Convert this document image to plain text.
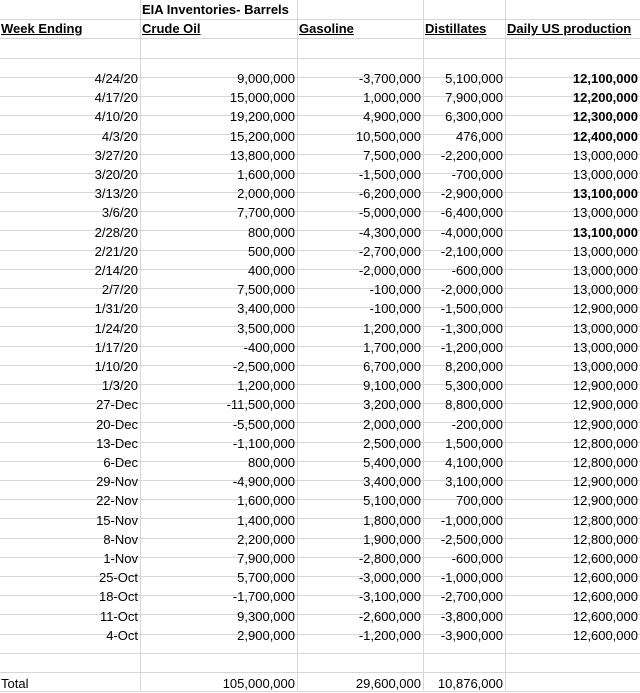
EIA Inventories- Barrels
Week Ending	Crude Oil	Gasoline	Distillates	Daily US production
4/24/20	9,000,000	-3,700,000	5,100,000	12,100,000
4/17/20	15,000,000	1,000,000	7,900,000	12,200,000
4/10/20	19,200,000	4,900,000	6,300,000	12,300,000
4/3/20	15,200,000	10,500,000	476,000	12,400,000
3/27/20	13,800,000	7,500,000	-2,200,000	13,000,000
3/20/20	1,600,000	-1,500,000	-700,000	13,000,000
3/13/20	2,000,000	-6,200,000	-2,900,000	13,100,000
3/6/20	7,700,000	-5,000,000	-6,400,000	13,000,000
2/28/20	800,000	-4,300,000	-4,000,000	13,100,000
2/21/20	500,000	-2,700,000	-2,100,000	13,000,000
2/14/20	400,000	-2,000,000	-600,000	13,000,000
2/7/20	7,500,000	-100,000	-2,000,000	13,000,000
1/31/20	3,400,000	-100,000	-1,500,000	12,900,000
1/24/20	3,500,000	1,200,000	-1,300,000	13,000,000
1/17/20	-400,000	1,700,000	-1,200,000	13,000,000
1/10/20	-2,500,000	6,700,000	8,200,000	13,000,000
1/3/20	1,200,000	9,100,000	5,300,000	12,900,000
27-Dec	-11,500,000	3,200,000	8,800,000	12,900,000
20-Dec	-5,500,000	2,000,000	-200,000	12,900,000
13-Dec	-1,100,000	2,500,000	1,500,000	12,800,000
6-Dec	800,000	5,400,000	4,100,000	12,800,000
29-Nov	-4,900,000	3,400,000	3,100,000	12,900,000
22-Nov	1,600,000	5,100,000	700,000	12,900,000
15-Nov	1,400,000	1,800,000	-1,000,000	12,800,000
8-Nov	2,200,000	1,900,000	-2,500,000	12,800,000
1-Nov	7,900,000	-2,800,000	-600,000	12,600,000
25-Oct	5,700,000	-3,000,000	-1,000,000	12,600,000
18-Oct	-1,700,000	-3,100,000	-2,700,000	12,600,000
11-Oct	9,300,000	-2,600,000	-3,800,000	12,600,000
4-Oct	2,900,000	-1,200,000	-3,900,000	12,600,000
Total	105,000,000	29,600,000	10,876,000
